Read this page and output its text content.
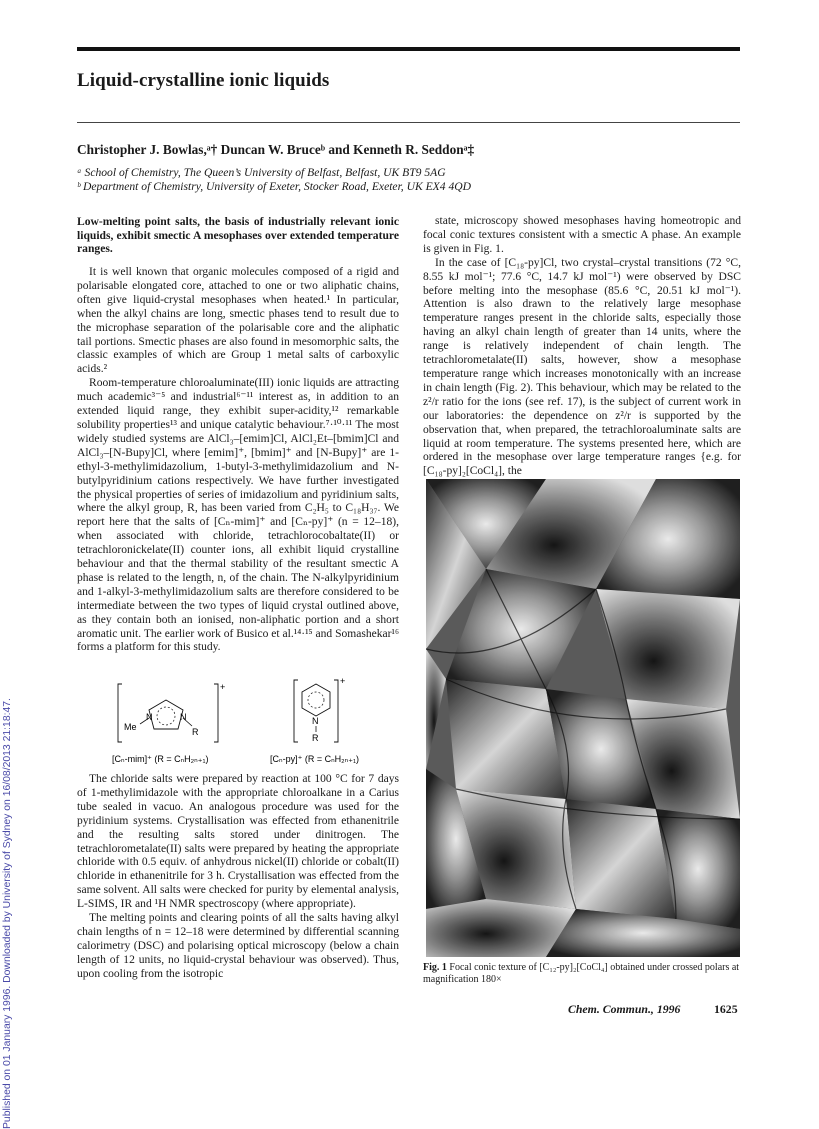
Published on 01 January 1996. Downloaded by University of Sydney on 16/08/2013 21:18:47.
Liquid-crystalline ionic liquids
Christopher J. Bowlas,ᵃ† Duncan W. Bruceᵇ and Kenneth R. Seddonᵃ‡
ᵃ School of Chemistry, The Queen’s University of Belfast, Belfast, UK BT9 5AG
ᵇ Department of Chemistry, University of Exeter, Stocker Road, Exeter, UK EX4 4QD
Low-melting point salts, the basis of industrially relevant ionic liquids, exhibit smectic A mesophases over extended temperature ranges.

It is well known that organic molecules composed of a rigid and polarisable elongated core, attached to one or two aliphatic chains, often give liquid-crystal mesophases when heated.¹ In particular, when the alkyl chains are long, smectic phases tend to result due to the microphase separation of the polarisable core and the aliphatic tail portions. Smectic phases are also found in mesomorphic salts, the classic examples of which are Group 1 metal salts of carboxylic acids.²

Room-temperature chloroaluminate(III) ionic liquids are attracting much academic³⁻⁵ and industrial⁶⁻¹¹ interest as, in addition to an extended liquid range, they exhibit super-acidity,¹² remarkable solubility properties¹³ and unique catalytic behaviour.⁷·¹⁰·¹¹ The most widely studied systems are AlCl₃–[emim]Cl, AlCl₂Et–[bmim]Cl and AlCl₃–[N-Bupy]Cl, where [emim]⁺, [bmim]⁺ and [N-Bupy]⁺ are 1-ethyl-3-methylimidazolium, 1-butyl-3-methylimidazolium and N-butylpyridinium cations respectively. We have further investigated the physical properties of series of imidazolium and pyridinium salts, where the alkyl group, R, has been varied from C₂H₅ to C₁₈H₃₇. We report here that the salts of [Cₙ-mim]⁺ and [Cₙ-py]⁺ (n = 12–18), when associated with chloride, tetrachlorocobaltate(II) or tetrachloronickelate(II) counter ions, all exhibit liquid crystalline behaviour and that the thermal stability of the resultant smectic A phase is related to the length, n, of the chain. The N-alkylpyridinium and 1-alkyl-3-methylimidazolium salts are therefore considered to be intermediate between the two types of liquid crystal outlined above, as they contain both an ionised, non-aliphatic portion and a short aromatic unit. The earlier work of Busico et al.¹⁴·¹⁵ and Somashekar¹⁶ forms a platform for this study.

+
Me
N	N
R
+
N
R
[Cₙ-mim]⁺ (R = CₙH₂ₙ₊₁)	[Cₙ-py]⁺ (R = CₙH₂ₙ₊₁)

The chloride salts were prepared by reaction at 100 °C for 7 days of 1-methylimidazole with the appropriate chloroalkane in a Carius tube sealed in vacuo. An analogous procedure was used for the pyridinium systems. Crystallisation was effected from ethanenitrile and the resulting salts stored under dinitrogen. The tetrachlorometalate(II) salts were prepared by heating the appropriate chloride with 0.5 equiv. of anhydrous nickel(II) chloride or cobalt(II) chloride in ethanenitrile for 3 h. Crystallisation was effected from the same solvent. All salts were checked for purity by elemental analysis, L-SIMS, IR and ¹H NMR spectroscopy (where appropriate).

The melting points and clearing points of all the salts having alkyl chain lengths of n = 12–18 were determined by differential scanning calorimetry (DSC) and polarising optical microscopy (below a chain length of 12 units, no liquid-crystal behaviour was observed). Thus, upon cooling from the isotropic

state, microscopy showed mesophases having homeotropic and focal conic textures consistent with a smectic A phase. An example is given in Fig. 1.

In the case of [C₁₈-py]Cl, two crystal–crystal transitions (72 °C, 8.55 kJ mol⁻¹; 77.6 °C, 14.7 kJ mol⁻¹) were observed by DSC before melting into the mesophase (85.6 °C, 20.51 kJ mol⁻¹). Attention is also drawn to the relatively large mesophase temperature ranges present in the chloride salts, especially those having an alkyl chain length of greater than 14 units, where the range is relatively independent of chain length. The tetrachlorometalate(II) salts, however, show a mesophase temperature range which increases monotonically with an increase in chain length (Fig. 2). This behaviour, which may be related to the z²/r ratio for the ions (see ref. 17), is the subject of current work in our laboratories: the dependence on z²/r is supported by the observation that, when prepared, the tetrachloroaluminate salts are liquid at room temperature. The systems presented here, which are ordered in the mesophase over large temperature ranges {e.g. for [C₁₈-py]₂[CoCl₄], the

Fig. 1 Focal conic texture of [C₁₂-py]₂[CoCl₄] obtained under crossed polars at magnification 180×
Chem. Commun., 1996	1625
